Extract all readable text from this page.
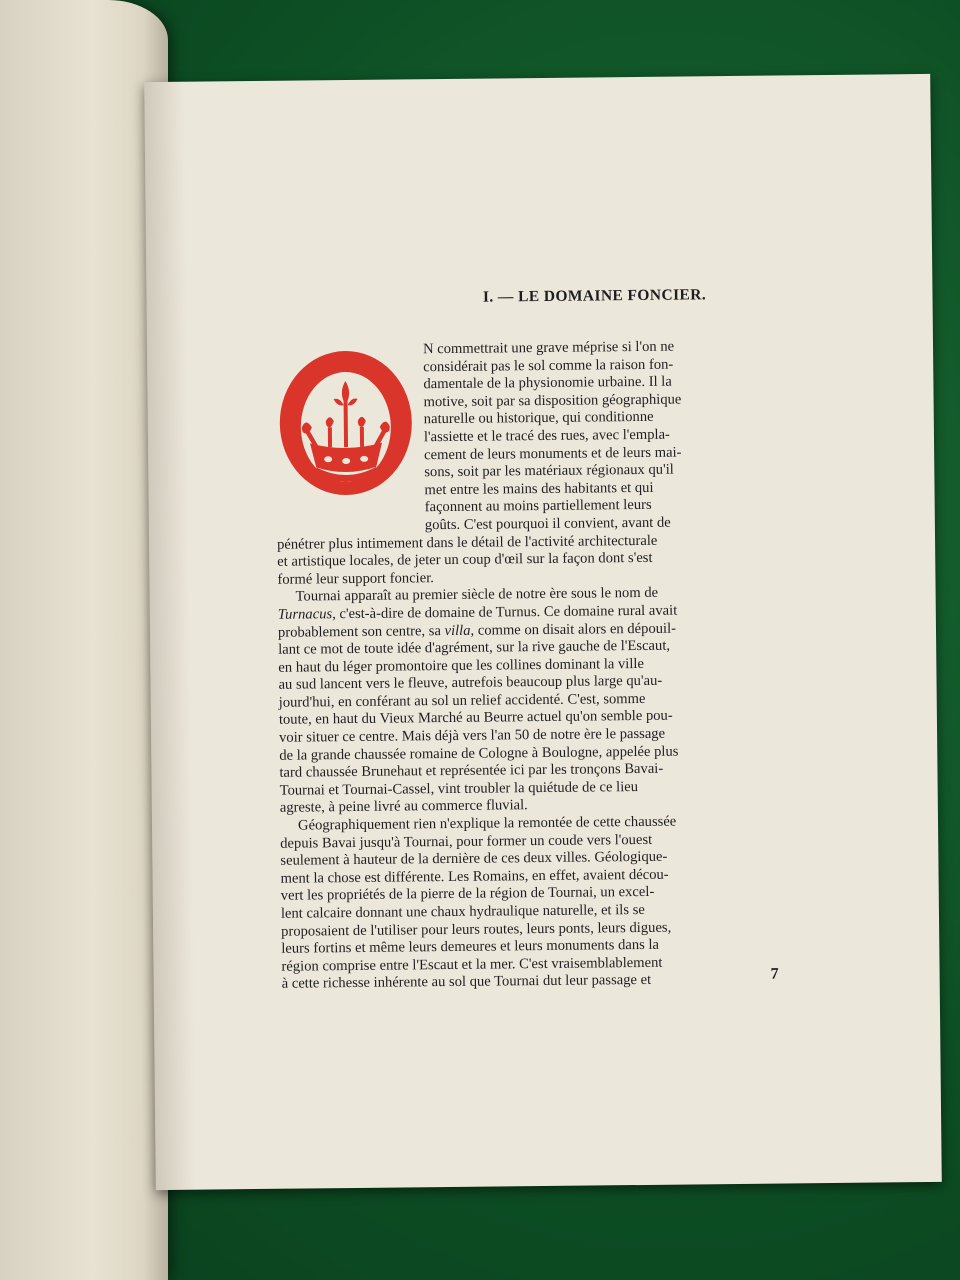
I. — LE DOMAINE FONCIER.
N commettrait une grave méprise si l'on ne
considérait pas le sol comme la raison fon-
damentale de la physionomie urbaine. Il la
motive, soit par sa disposition géographique
naturelle ou historique, qui conditionne
l'assiette et le tracé des rues, avec l'empla-
cement de leurs monuments et de leurs mai-
sons, soit par les matériaux régionaux qu'il
met entre les mains des habitants et qui
façonnent au moins partiellement leurs
goûts. C'est pourquoi il convient, avant de
pénétrer plus intimement dans le détail de l'activité architecturale
et artistique locales, de jeter un coup d'œil sur la façon dont s'est
formé leur support foncier.
Tournai apparaît au premier siècle de notre ère sous le nom de
Turnacus, c'est-à-dire de domaine de Turnus. Ce domaine rural avait
probablement son centre, sa villa, comme on disait alors en dépouil-
lant ce mot de toute idée d'agrément, sur la rive gauche de l'Escaut,
en haut du léger promontoire que les collines dominant la ville
au sud lancent vers le fleuve, autrefois beaucoup plus large qu'au-
jourd'hui, en conférant au sol un relief accidenté. C'est, somme
toute, en haut du Vieux Marché au Beurre actuel qu'on semble pou-
voir situer ce centre. Mais déjà vers l'an 50 de notre ère le passage
de la grande chaussée romaine de Cologne à Boulogne, appelée plus
tard chaussée Brunehaut et représentée ici par les tronçons Bavai-
Tournai et Tournai-Cassel, vint troubler la quiétude de ce lieu
agreste, à peine livré au commerce fluvial.
Géographiquement rien n'explique la remontée de cette chaussée
depuis Bavai jusqu'à Tournai, pour former un coude vers l'ouest
seulement à hauteur de la dernière de ces deux villes. Géologique-
ment la chose est différente. Les Romains, en effet, avaient décou-
vert les propriétés de la pierre de la région de Tournai, un excel-
lent calcaire donnant une chaux hydraulique naturelle, et ils se
proposaient de l'utiliser pour leurs routes, leurs ponts, leurs digues,
leurs fortins et même leurs demeures et leurs monuments dans la
région comprise entre l'Escaut et la mer. C'est vraisemblablement
à cette richesse inhérente au sol que Tournai dut leur passage et	7
